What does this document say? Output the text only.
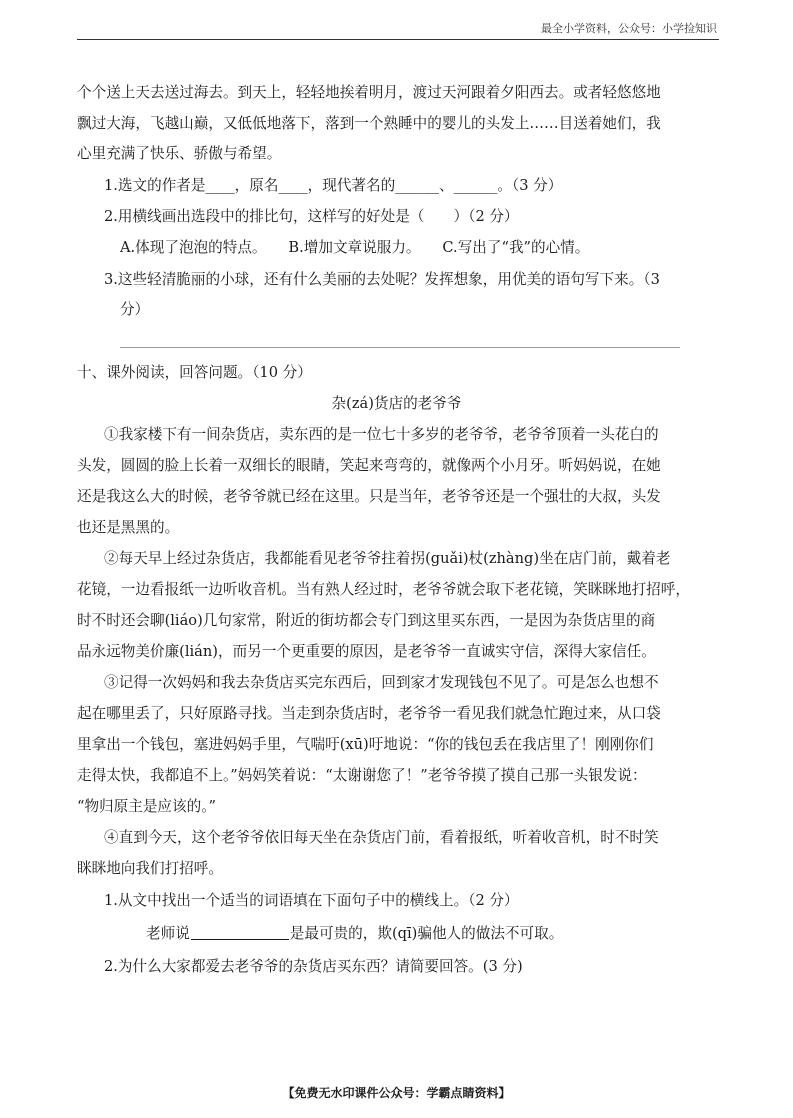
最全小学资料，公众号：小学捡知识
个个送上天去送过海去。到天上，轻轻地挨着明月，渡过天河跟着夕阳西去。或者轻悠悠地
飘过大海，飞越山巅，又低低地落下，落到一个熟睡中的婴儿的头发上……目送着她们，我
心里充满了快乐、骄傲与希望。
1.选文的作者是____，原名____，现代著名的______、______。（3 分）
2.用横线画出选段中的排比句，这样写的好处是（　　）（2 分）
A.体现了泡泡的特点。　　B.增加文章说服力。　　C.写出了“我”的心情。
3.这些轻清脆丽的小球，还有什么美丽的去处呢？发挥想象，用优美的语句写下来。（3
分）
十、课外阅读，回答问题。（10 分）
杂(zá)货店的老爷爷
①我家楼下有一间杂货店，卖东西的是一位七十多岁的老爷爷，老爷爷顶着一头花白的
头发，圆圆的脸上长着一双细长的眼睛，笑起来弯弯的，就像两个小月牙。听妈妈说，在她
还是我这么大的时候，老爷爷就已经在这里。只是当年，老爷爷还是一个强壮的大叔，头发
也还是黑黑的。
②每天早上经过杂货店，我都能看见老爷爷拄着拐(guǎi)杖(zhàng)坐在店门前，戴着老
花镜，一边看报纸一边听收音机。当有熟人经过时，老爷爷就会取下老花镜，笑眯眯地打招呼，
时不时还会聊(liáo)几句家常，附近的街坊都会专门到这里买东西，一是因为杂货店里的商
品永远物美价廉(lián)，而另一个更重要的原因，是老爷爷一直诚实守信，深得大家信任。
③记得一次妈妈和我去杂货店买完东西后，回到家才发现钱包不见了。可是怎么也想不
起在哪里丢了，只好原路寻找。当走到杂货店时，老爷爷一看见我们就急忙跑过来，从口袋
里拿出一个钱包，塞进妈妈手里，气喘吁(xū)吁地说：“你的钱包丢在我店里了！刚刚你们
走得太快，我都追不上。”妈妈笑着说：“太谢谢您了！”老爷爷摸了摸自己那一头银发说：
“物归原主是应该的。”
④直到今天，这个老爷爷依旧每天坐在杂货店门前，看着报纸，听着收音机，时不时笑
眯眯地向我们打招呼。
1.从文中找出一个适当的词语填在下面句子中的横线上。（2 分）
老师说	是最可贵的，欺(qī)骗他人的做法不可取。
2.为什么大家都爱去老爷爷的杂货店买东西？请简要回答。(3 分)
【免费无水印课件公众号：学霸点睛资料】
